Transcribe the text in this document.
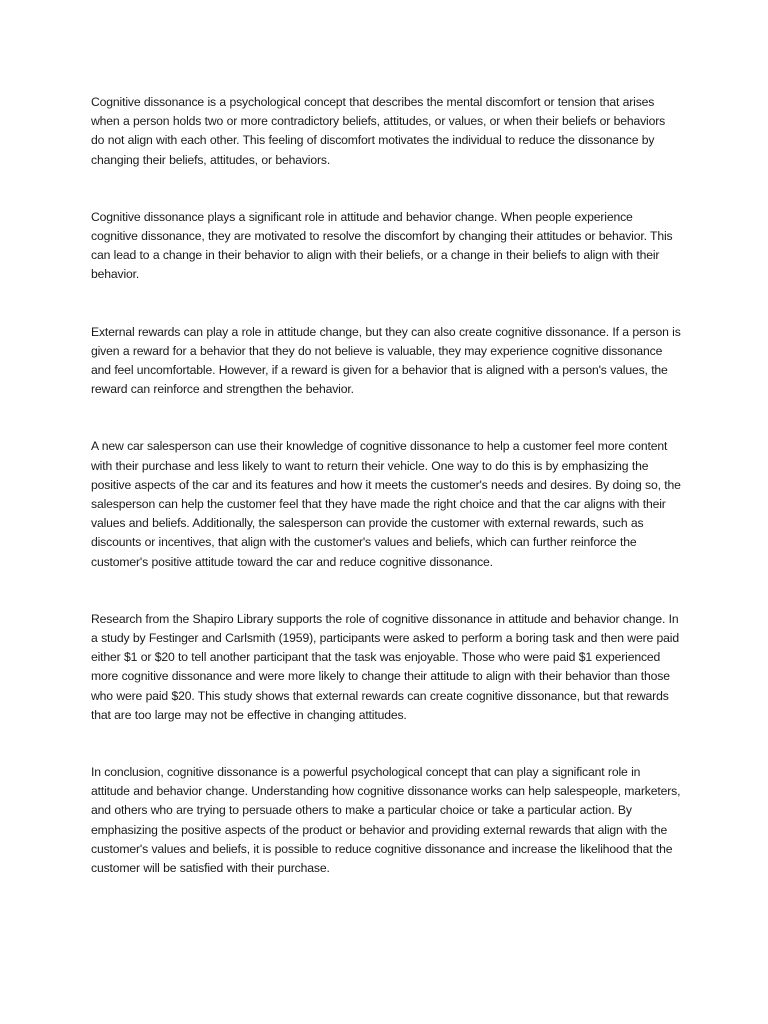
Cognitive dissonance is a psychological concept that describes the mental discomfort or tension that arises when a person holds two or more contradictory beliefs, attitudes, or values, or when their beliefs or behaviors do not align with each other. This feeling of discomfort motivates the individual to reduce the dissonance by changing their beliefs, attitudes, or behaviors.

Cognitive dissonance plays a significant role in attitude and behavior change. When people experience cognitive dissonance, they are motivated to resolve the discomfort by changing their attitudes or behavior. This can lead to a change in their behavior to align with their beliefs, or a change in their beliefs to align with their behavior.

External rewards can play a role in attitude change, but they can also create cognitive dissonance. If a person is given a reward for a behavior that they do not believe is valuable, they may experience cognitive dissonance and feel uncomfortable. However, if a reward is given for a behavior that is aligned with a person's values, the reward can reinforce and strengthen the behavior.

A new car salesperson can use their knowledge of cognitive dissonance to help a customer feel more content with their purchase and less likely to want to return their vehicle. One way to do this is by emphasizing the positive aspects of the car and its features and how it meets the customer's needs and desires. By doing so, the salesperson can help the customer feel that they have made the right choice and that the car aligns with their values and beliefs. Additionally, the salesperson can provide the customer with external rewards, such as discounts or incentives, that align with the customer's values and beliefs, which can further reinforce the customer's positive attitude toward the car and reduce cognitive dissonance.

Research from the Shapiro Library supports the role of cognitive dissonance in attitude and behavior change. In a study by Festinger and Carlsmith (1959), participants were asked to perform a boring task and then were paid either $1 or $20 to tell another participant that the task was enjoyable. Those who were paid $1 experienced more cognitive dissonance and were more likely to change their attitude to align with their behavior than those who were paid $20. This study shows that external rewards can create cognitive dissonance, but that rewards that are too large may not be effective in changing attitudes.

In conclusion, cognitive dissonance is a powerful psychological concept that can play a significant role in attitude and behavior change. Understanding how cognitive dissonance works can help salespeople, marketers, and others who are trying to persuade others to make a particular choice or take a particular action. By emphasizing the positive aspects of the product or behavior and providing external rewards that align with the customer's values and beliefs, it is possible to reduce cognitive dissonance and increase the likelihood that the customer will be satisfied with their purchase.
